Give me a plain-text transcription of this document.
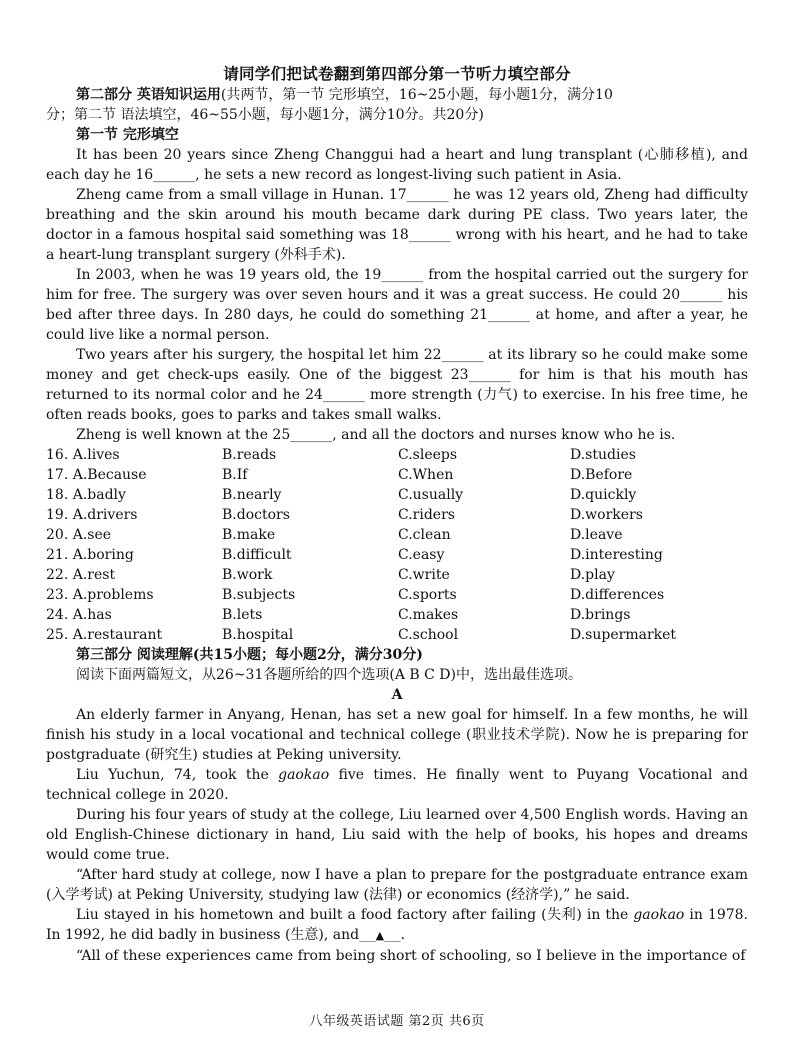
请同学们把试卷翻到第四部分第一节听力填空部分

第二部分 英语知识运用(共两节，第一节 完形填空，16~25小题，每小题1分，满分10

分；第二节 语法填空，46~55小题，每小题1分，满分10分。共20分)

第一节 完形填空

It has been 20 years since Zheng Changgui had a heart and lung transplant (心肺移植), and each day he 16______, he sets a new record as longest-living such patient in Asia.

Zheng came from a small village in Hunan. 17______ he was 12 years old, Zheng had difficulty breathing and the skin around his mouth became dark during PE class. Two years later, the doctor in a famous hospital said something was 18______ wrong with his heart, and he had to take a heart-lung transplant surgery (外科手术).

In 2003, when he was 19 years old, the 19______ from the hospital carried out the surgery for him for free. The surgery was over seven hours and it was a great success. He could 20______ his bed after three days. In 280 days, he could do something 21______ at home, and after a year, he could live like a normal person.

Two years after his surgery, the hospital let him 22______ at its library so he could make some money and get check-ups easily. One of the biggest 23______ for him is that his mouth has returned to its normal color and he 24______ more strength (力气) to exercise. In his free time, he often reads books, goes to parks and takes small walks.

Zheng is well known at the 25______, and all the doctors and nurses know who he is.

16. A.lives	B.reads	C.sleeps	D.studies
17. A.Because	B.If	C.When	D.Before
18. A.badly	B.nearly	C.usually	D.quickly
19. A.drivers	B.doctors	C.riders	D.workers
20. A.see	B.make	C.clean	D.leave
21. A.boring	B.difficult	C.easy	D.interesting
22. A.rest	B.work	C.write	D.play
23. A.problems	B.subjects	C.sports	D.differences
24. A.has	B.lets	C.makes	D.brings
25. A.restaurant	B.hospital	C.school	D.supermarket

第三部分 阅读理解(共15小题；每小题2分，满分30分)

阅读下面两篇短文，从26~31各题所给的四个选项(A B C D)中，选出最佳选项。

A

An elderly farmer in Anyang, Henan, has set a new goal for himself. In a few months, he will finish his study in a local vocational and technical college (职业技术学院). Now he is preparing for postgraduate (研究生) studies at Peking university.

Liu Yuchun, 74, took the gaokao five times. He finally went to Puyang Vocational and technical college in 2020.

During his four years of study at the college, Liu learned over 4,500 English words. Having an old English-Chinese dictionary in hand, Liu said with the help of books, his hopes and dreams would come true.

“After hard study at college, now I have a plan to prepare for the postgraduate entrance exam (入学考试) at Peking University, studying law (法律) or economics (经济学),” he said.

Liu stayed in his hometown and built a food factory after failing (失利) in the gaokao in 1978. In 1992, he did badly in business (生意), and___▲___.

“All of these experiences came from being short of schooling, so I believe in the importance of

八年级英语试题 第2页 共6页
